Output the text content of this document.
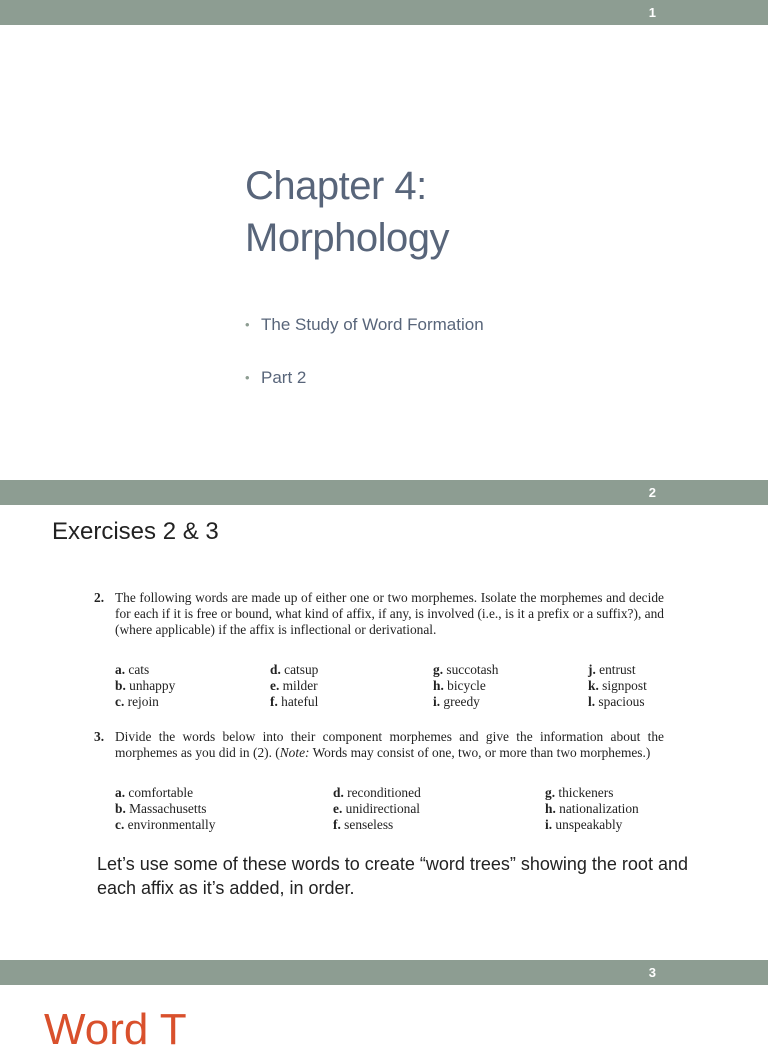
1
Chapter 4:
Morphology
• The Study of Word Formation
• Part 2
2
Exercises 2 & 3
2. The following words are made up of either one or two morphemes. Isolate the morphemes and decide for each if it is free or bound, what kind of affix, if any, is involved (i.e., is it a prefix or a suffix?), and (where applicable) if the affix is inflectional or derivational.
a. cats
b. unhappy
c. rejoin
d. catsup
e. milder
f. hateful
g. succotash
h. bicycle
i. greedy
j. entrust
k. signpost
l. spacious
3. Divide the words below into their component morphemes and give the information about the morphemes as you did in (2). (Note: Words may consist of one, two, or more than two morphemes.)
a. comfortable
b. Massachusetts
c. environmentally
d. reconditioned
e. unidirectional
f. senseless
g. thickeners
h. nationalization
i. unspeakably
Let’s use some of these words to create “word trees” showing the root and each affix as it’s added, in order.
3
Word T
